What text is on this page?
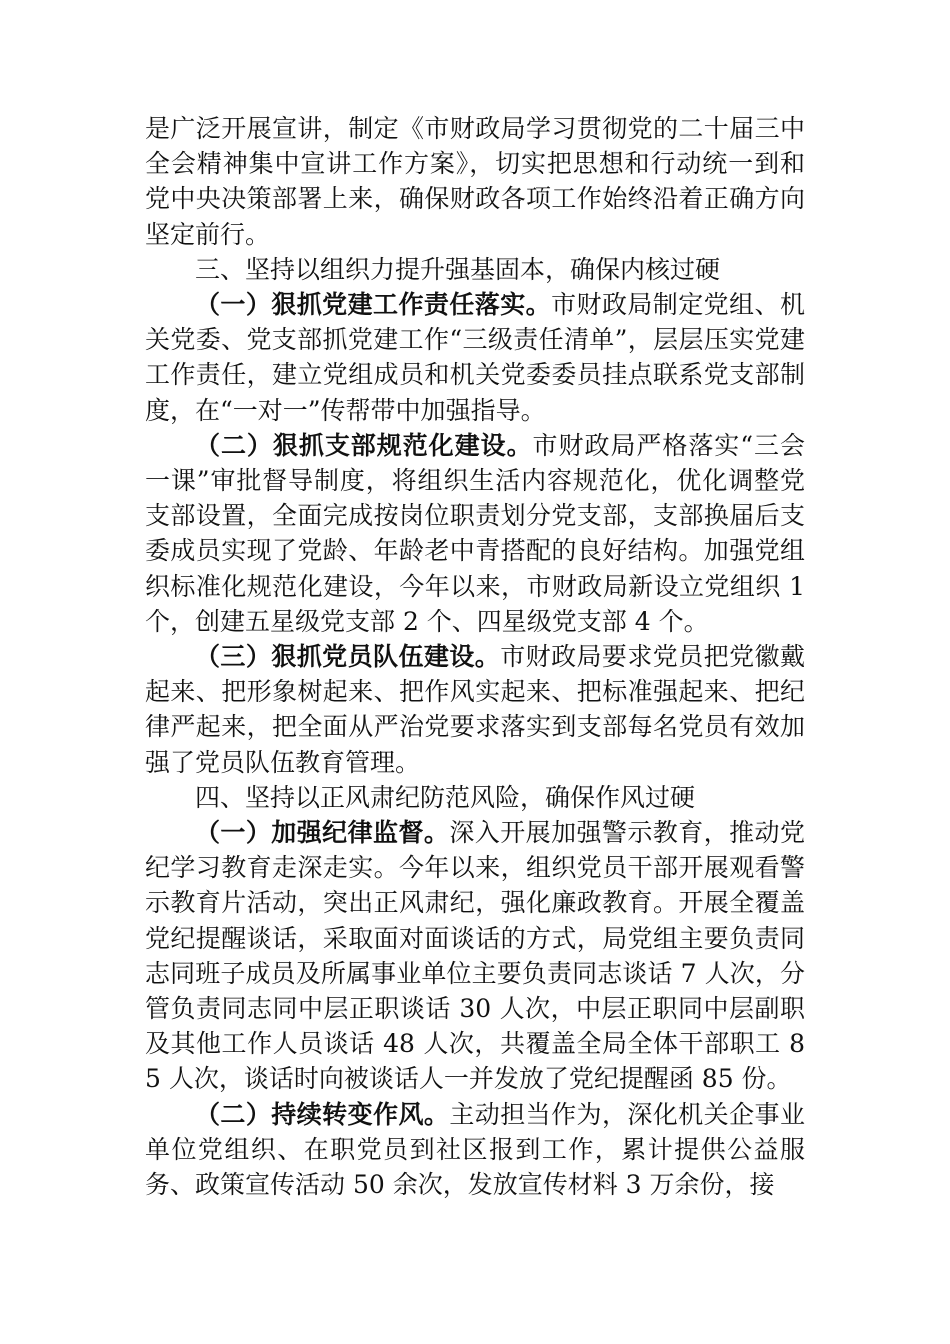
是广泛开展宣讲，制定《市财政局学习贯彻党的二十届三中全会精神集中宣讲工作方案》，切实把思想和行动统一到和党中央决策部署上来，确保财政各项工作始终沿着正确方向坚定前行。

三、坚持以组织力提升强基固本，确保内核过硬

（一）狠抓党建工作责任落实。市财政局制定党组、机关党委、党支部抓党建工作“三级责任清单”，层层压实党建工作责任，建立党组成员和机关党委委员挂点联系党支部制度，在“一对一”传帮带中加强指导。

（二）狠抓支部规范化建设。市财政局严格落实“三会一课”审批督导制度，将组织生活内容规范化，优化调整党支部设置，全面完成按岗位职责划分党支部，支部换届后支委成员实现了党龄、年龄老中青搭配的良好结构。加强党组织标准化规范化建设，今年以来，市财政局新设立党组织 1 个，创建五星级党支部 2 个、四星级党支部 4 个。

（三）狠抓党员队伍建设。市财政局要求党员把党徽戴起来、把形象树起来、把作风实起来、把标准强起来、把纪律严起来，把全面从严治党要求落实到支部每名党员有效加强了党员队伍教育管理。

四、坚持以正风肃纪防范风险，确保作风过硬

（一）加强纪律监督。深入开展加强警示教育，推动党纪学习教育走深走实。今年以来，组织党员干部开展观看警示教育片活动，突出正风肃纪，强化廉政教育。开展全覆盖党纪提醒谈话，采取面对面谈话的方式，局党组主要负责同志同班子成员及所属事业单位主要负责同志谈话 7 人次，分管负责同志同中层正职谈话 30 人次，中层正职同中层副职及其他工作人员谈话 48 人次，共覆盖全局全体干部职工 85 人次，谈话时向被谈话人一并发放了党纪提醒函 85 份。

（二）持续转变作风。主动担当作为，深化机关企事业单位党组织、在职党员到社区报到工作，累计提供公益服务、政策宣传活动 50 余次，发放宣传材料 3 万余份，接
